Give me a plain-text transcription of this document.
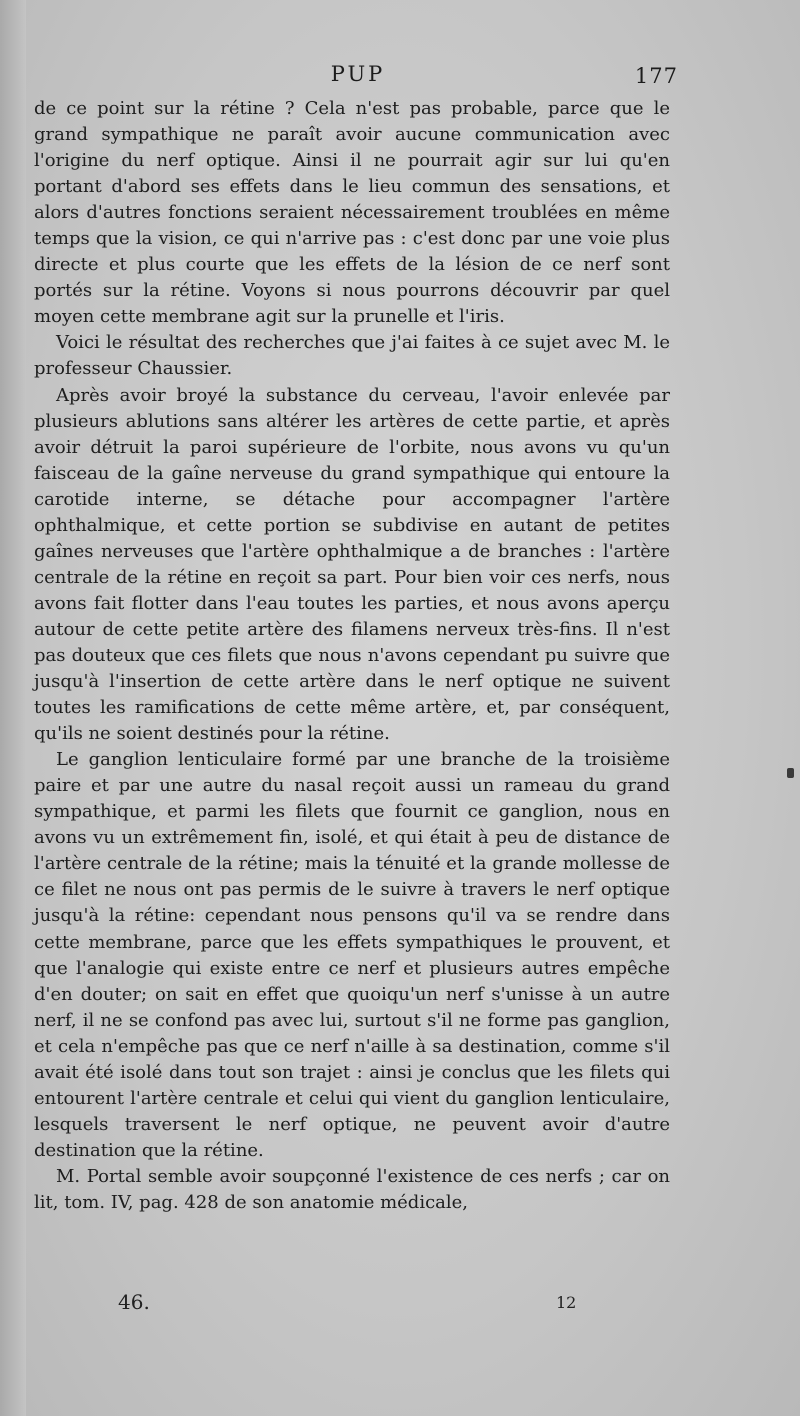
PUP	177

de ce point sur la rétine ? Cela n'est pas probable, parce que le grand sympathique ne paraît avoir aucune communication avec l'origine du nerf optique. Ainsi il ne pourrait agir sur lui qu'en portant d'abord ses effets dans le lieu commun des sensations, et alors d'autres fonctions seraient nécessairement troublées en même temps que la vision, ce qui n'arrive pas : c'est donc par une voie plus directe et plus courte que les effets de la lésion de ce nerf sont portés sur la rétine. Voyons si nous pourrons découvrir par quel moyen cette membrane agit sur la prunelle et l'iris.

Voici le résultat des recherches que j'ai faites à ce sujet avec M. le professeur Chaussier.

Après avoir broyé la substance du cerveau, l'avoir enlevée par plusieurs ablutions sans altérer les artères de cette partie, et après avoir détruit la paroi supérieure de l'orbite, nous avons vu qu'un faisceau de la gaîne nerveuse du grand sympathique qui entoure la carotide interne, se détache pour accompagner l'artère ophthalmique, et cette portion se subdivise en autant de petites gaînes nerveuses que l'artère ophthalmique a de branches : l'artère centrale de la rétine en reçoit sa part. Pour bien voir ces nerfs, nous avons fait flotter dans l'eau toutes les parties, et nous avons aperçu autour de cette petite artère des filamens nerveux très-fins. Il n'est pas douteux que ces filets que nous n'avons cependant pu suivre que jusqu'à l'insertion de cette artère dans le nerf optique ne suivent toutes les ramifications de cette même artère, et, par conséquent, qu'ils ne soient destinés pour la rétine.

Le ganglion lenticulaire formé par une branche de la troisième paire et par une autre du nasal reçoit aussi un rameau du grand sympathique, et parmi les filets que fournit ce ganglion, nous en avons vu un extrêmement fin, isolé, et qui était à peu de distance de l'artère centrale de la rétine; mais la ténuité et la grande mollesse de ce filet ne nous ont pas permis de le suivre à travers le nerf optique jusqu'à la rétine: cependant nous pensons qu'il va se rendre dans cette membrane, parce que les effets sympathiques le prouvent, et que l'analogie qui existe entre ce nerf et plusieurs autres empêche d'en douter; on sait en effet que quoiqu'un nerf s'unisse à un autre nerf, il ne se confond pas avec lui, surtout s'il ne forme pas ganglion, et cela n'empêche pas que ce nerf n'aille à sa destination, comme s'il avait été isolé dans tout son trajet : ainsi je conclus que les filets qui entourent l'artère centrale et celui qui vient du ganglion lenticulaire, lesquels traversent le nerf optique, ne peuvent avoir d'autre destination que la rétine.

M. Portal semble avoir soupçonné l'existence de ces nerfs ; car on lit, tom. IV, pag. 428 de son anatomie médicale,

46.	12
